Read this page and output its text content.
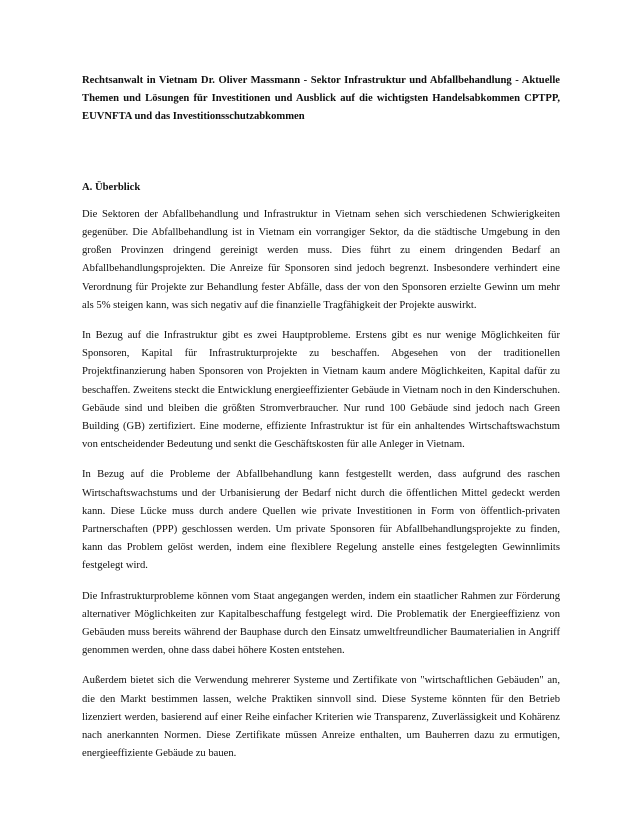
Rechtsanwalt in Vietnam Dr. Oliver Massmann - Sektor Infrastruktur und Abfallbehandlung - Aktuelle Themen und Lösungen für Investitionen und Ausblick auf die wichtigsten Handelsabkommen CPTPP, EUVNFTA und das Investitionsschutzabkommen

A. Überblick

Die Sektoren der Abfallbehandlung und Infrastruktur in Vietnam sehen sich verschiedenen Schwierigkeiten gegenüber. Die Abfallbehandlung ist in Vietnam ein vorrangiger Sektor, da die städtische Umgebung in den großen Provinzen dringend gereinigt werden muss. Dies führt zu einem dringenden Bedarf an Abfallbehandlungsprojekten. Die Anreize für Sponsoren sind jedoch begrenzt. Insbesondere verhindert eine Verordnung für Projekte zur Behandlung fester Abfälle, dass der von den Sponsoren erzielte Gewinn um mehr als 5% steigen kann, was sich negativ auf die finanzielle Tragfähigkeit der Projekte auswirkt.

In Bezug auf die Infrastruktur gibt es zwei Hauptprobleme. Erstens gibt es nur wenige Möglichkeiten für Sponsoren, Kapital für Infrastrukturprojekte zu beschaffen. Abgesehen von der traditionellen Projektfinanzierung haben Sponsoren von Projekten in Vietnam kaum andere Möglichkeiten, Kapital dafür zu beschaffen. Zweitens steckt die Entwicklung energieeffizienter Gebäude in Vietnam noch in den Kinderschuhen. Gebäude sind und bleiben die größten Stromverbraucher. Nur rund 100 Gebäude sind jedoch nach Green Building (GB) zertifiziert. Eine moderne, effiziente Infrastruktur ist für ein anhaltendes Wirtschaftswachstum von entscheidender Bedeutung und senkt die Geschäftskosten für alle Anleger in Vietnam.

In Bezug auf die Probleme der Abfallbehandlung kann festgestellt werden, dass aufgrund des raschen Wirtschaftswachstums und der Urbanisierung der Bedarf nicht durch die öffentlichen Mittel gedeckt werden kann. Diese Lücke muss durch andere Quellen wie private Investitionen in Form von öffentlich-privaten Partnerschaften (PPP) geschlossen werden. Um private Sponsoren für Abfallbehandlungsprojekte zu finden, kann das Problem gelöst werden, indem eine flexiblere Regelung anstelle eines festgelegten Gewinnlimits festgelegt wird.

Die Infrastrukturprobleme können vom Staat angegangen werden, indem ein staatlicher Rahmen zur Förderung alternativer Möglichkeiten zur Kapitalbeschaffung festgelegt wird. Die Problematik der Energieeffizienz von Gebäuden muss bereits während der Bauphase durch den Einsatz umweltfreundlicher Baumaterialien in Angriff genommen werden, ohne dass dabei höhere Kosten entstehen.

Außerdem bietet sich die Verwendung mehrerer Systeme und Zertifikate von "wirtschaftlichen Gebäuden" an, die den Markt bestimmen lassen, welche Praktiken sinnvoll sind. Diese Systeme könnten für den Betrieb lizenziert werden, basierend auf einer Reihe einfacher Kriterien wie Transparenz, Zuverlässigkeit und Kohärenz nach anerkannten Normen. Diese Zertifikate müssen Anreize enthalten, um Bauherren dazu zu ermutigen, energieeffiziente Gebäude zu bauen.
